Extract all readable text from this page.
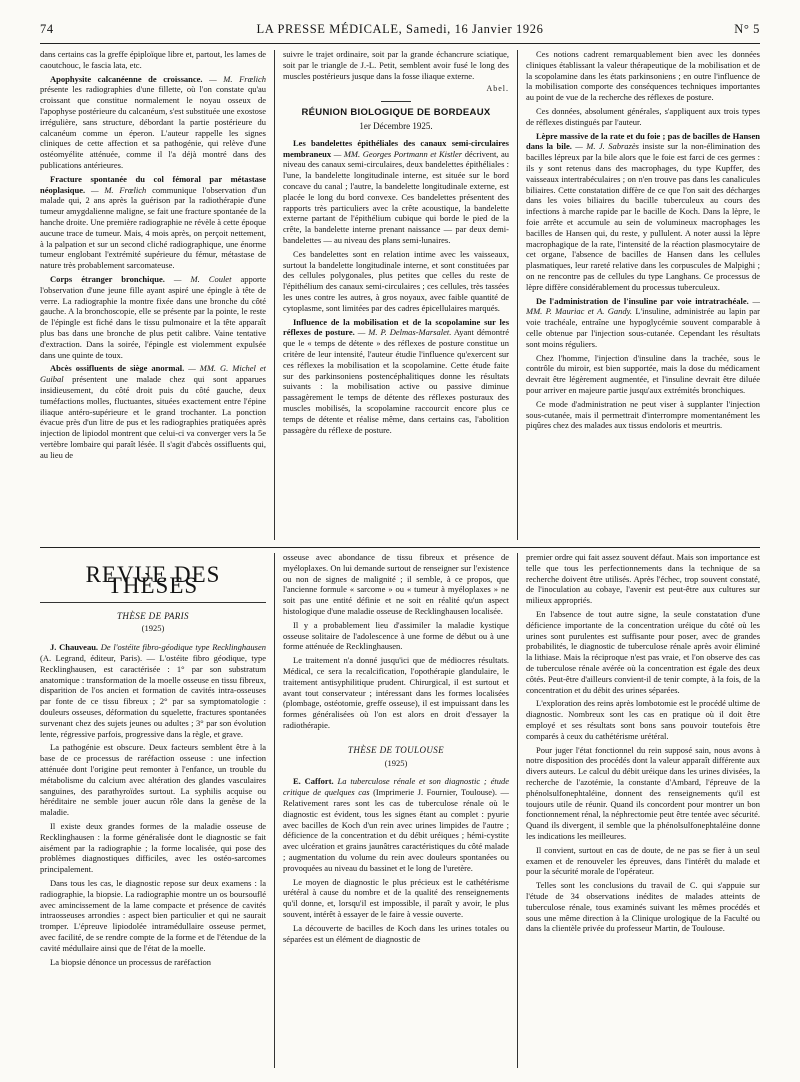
74	LA PRESSE MÉDICALE, Samedi, 16 Janvier 1926	N° 5

dans certains cas la greffe épiploïque libre et, partout, les lames de caoutchouc, le fascia lata, etc.

Apophysite calcanéenne de croissance. — M. Frœlich présente les radiographies d'une fillette, où l'on constate qu'au croissant que constitue normalement le noyau osseux de l'apophyse postérieure du calcanéum, s'est substituée une exostose irrégulière, sans structure, débordant la partie postérieure du calcanéum comme un éperon. L'auteur rappelle les signes cliniques de cette affection et sa pathogénie, qui relève d'une ostéomyélite atténuée, comme il l'a déjà montré dans des publications antérieures.

Fracture spontanée du col fémoral par métastase néoplasique. — M. Frœlich communique l'observation d'un malade qui, 2 ans après la guérison par la radiothérapie d'une tumeur amygdalienne maligne, se fait une fracture spontanée de la hanche droite. Une première radiographie ne révèle à cette époque aucune trace de tumeur. Mais, 4 mois après, on perçoit nettement, à la palpation et sur un second cliché radiographique, une énorme tumeur englobant l'extrémité supérieure du fémur, métastase de nature très probablement sarcomateuse.

Corps étranger bronchique. — M. Coulet apporte l'observation d'une jeune fille ayant aspiré une épingle à tête de verre. La radiographie la montre fixée dans une bronche du côté gauche. A la bronchoscopie, elle se présente par la pointe, le reste de l'épingle est fiché dans le tissu pulmonaire et la tête apparaît plus bas dans une bronche de plus petit calibre. Vaine tentative d'extraction. Dans la soirée, l'épingle est violemment expulsée dans une quinte de toux.

Abcès ossifluents de siège anormal. — MM. G. Michel et Guibal présentent une malade chez qui sont apparues insidieusement, du côté droit puis du côté gauche, deux tuméfactions molles, fluctuantes, situées exactement entre l'épine iliaque antéro-supérieure et le grand trochanter. La ponction évacue près d'un litre de pus et les radiographies pratiquées après injection de lipiodol montrent que celui-ci va converger vers la 5e vertèbre lombaire qui paraît lésée. Il s'agit d'abcès ossifluents qui, au lieu de

suivre le trajet ordinaire, soit par la grande échancrure sciatique, soit par le triangle de J.-L. Petit, semblent avoir fusé le long des muscles postérieurs jusque dans la fosse iliaque externe.

Abel.
RÉUNION BIOLOGIQUE DE BORDEAUX
1er Décembre 1925.

Les bandelettes épithéliales des canaux semi-circulaires membraneux — MM. Georges Portmann et Kistler décrivent, au niveau des canaux semi-circulaires, deux bandelettes épithéliales : l'une, la bandelette longitudinale interne, est située sur le bord concave du canal ; l'autre, la bandelette longitudinale externe, est placée le long du bord convexe. Ces bandelettes présentent des rapports très particuliers avec la crête acoustique, la bandelette externe partant de l'épithélium cubique qui borde le pied de la crête, la bandelette interne prenant naissance — par deux demi-bandelettes — au niveau des plans semi-lunaires.

Ces bandelettes sont en relation intime avec les vaisseaux, surtout la bandelette longitudinale interne, et sont constituées par des cellules polygonales, plus petites que celles du reste de l'épithélium des canaux semi-circulaires ; ces cellules, très tassées les unes contre les autres, à gros noyaux, avec faible quantité de cytoplasme, sont limitées par des cadres épicellulaires marqués.

Influence de la mobilisation et de la scopolamine sur les réflexes de posture. — M. P. Delmas-Marsalet. Ayant démontré que le « temps de détente » des réflexes de posture constitue un critère de leur intensité, l'auteur étudie l'influence qu'exercent sur ces réflexes la mobilisation et la scopolamine. Cette étude faite sur des parkinsoniens postencéphalitiques donne les résultats suivants : la mobilisation active ou passive diminue passagèrement le temps de détente des réflexes posturaux des muscles mobilisés, la scopolamine raccourcit encore plus ce temps de détente et réalise même, dans certains cas, l'abolition passagère du réflexe de posture.

Ces notions cadrent remarquablement bien avec les données cliniques établissant la valeur thérapeutique de la mobilisation et de la scopolamine dans les états parkinsoniens ; en outre l'influence de la mobilisation comporte des conséquences techniques importantes au point de vue de la recherche des réflexes de posture.

Ces données, absolument générales, s'appliquent aux trois types de réflexes distingués par l'auteur.

Lèpre massive de la rate et du foie ; pas de bacilles de Hansen dans la bile. — M. J. Sabrazès insiste sur la non-élimination des bacilles lépreux par la bile alors que le foie est farci de ces germes : ils y sont retenus dans des macrophages, du type Kupffer, des vaisseaux intertrabéculaires ; on n'en trouve pas dans les canalicules biliaires. Cette constatation diffère de ce que l'on sait des décharges dans les voies biliaires du bacille tuberculeux au cours des infections à marche rapide par le bacille de Koch. Dans la lèpre, le foie arrête et accumule au sein de volumineux macrophages les bacilles de Hansen qui, du reste, y pullulent. A noter aussi la lèpre macrophagique de la rate, l'intensité de la réaction plasmocytaire de cet organe, l'absence de bacilles de Hansen dans les cellules plasmatiques, leur rareté relative dans les corpuscules de Malpighi ; on ne rencontre pas de cellules du type Langhans. Ce processus de lèpre diffère considérablement du processus tuberculeux.

De l'administration de l'insuline par voie intratrachéale. — MM. P. Mauriac et A. Gandy. L'insuline, administrée au lapin par voie trachéale, entraîne une hypoglycémie souvent comparable à celle obtenue par l'injection sous-cutanée. Cependant les résultats sont moins réguliers.

Chez l'homme, l'injection d'insuline dans la trachée, sous le contrôle du miroir, est bien supportée, mais la dose du médicament devrait être légèrement augmentée, et l'insuline devrait être diluée pour arriver en majeure partie jusqu'aux extrémités bronchiques.

Ce mode d'administration ne peut viser à supplanter l'injection sous-cutanée, mais il permettrait d'interrompre momentanément les piqûres chez des malades aux tissus endoloris et meurtris.

REVUE DES THÈSES
THÈSE DE PARIS
(1925)

J. Chauveau. De l'ostéite fibro-géodique type Recklinghausen (A. Legrand, éditeur, Paris). — L'ostéite fibro géodique, type Recklinghausen, est caractérisée : 1° par son substratum anatomique : transformation de la moelle osseuse en tissu fibreux, disparition de l'os ancien et formation de cavités intra-osseuses par fonte de ce tissu fibreux ; 2° par sa symptomatologie : douleurs osseuses, déformation du squelette, fractures spontanées survenant chez des sujets jeunes ou adultes ; 3° par son évolution lente, régressive parfois, progressive dans la règle, et grave.

La pathogénie est obscure. Deux facteurs semblent être à la base de ce processus de raréfaction osseuse : une infection atténuée dont l'origine peut remonter à l'enfance, un trouble du métabolisme du calcium avec altération des glandes vasculaires sanguines, des parathyroïdes surtout. La syphilis acquise ou héréditaire ne semble jouer aucun rôle dans la genèse de la maladie.

Il existe deux grandes formes de la maladie osseuse de Recklinghausen : la forme généralisée dont le diagnostic se fait aisément par la radiographie ; la forme localisée, qui pose des problèmes diagnostiques difficiles, avec les ostéo-sarcomes principalement.

Dans tous les cas, le diagnostic repose sur deux examens : la radiographie, la biopsie. La radiographie montre un os boursouflé avec amincissement de la lame compacte et présence de cavités intraosseuses arrondies : aspect bien particulier et qui ne saurait tromper. L'épreuve lipiodolée intramédullaire osseuse permet, avec facilité, de se rendre compte de la forme et de l'étendue de la cavité médullaire ainsi que de l'état de la moelle.

La biopsie dénonce un processus de raréfaction

osseuse avec abondance de tissu fibreux et présence de myéloplaxes. On lui demande surtout de renseigner sur l'existence ou non de signes de malignité ; il semble, à ce propos, que l'ancienne formule « sarcome » ou « tumeur à myéloplaxes » ne soit pas une entité définie et ne soit en réalité qu'un aspect histologique d'une maladie osseuse de Recklinghausen localisée.

Il y a probablement lieu d'assimiler la maladie kystique osseuse solitaire de l'adolescence à une forme de début ou à une forme atténuée de Recklinghausen.

Le traitement n'a donné jusqu'ici que de médiocres résultats. Médical, ce sera la recalcification, l'opothérapie glandulaire, le traitement antisyphilitique prudent. Chirurgical, il est surtout et avant tout conservateur ; intéressant dans les formes localisées (plombage, ostéotomie, greffe osseuse), il est impuissant dans les formes généralisées où l'on est alors en droit d'essayer la radiothérapie.

THÈSE DE TOULOUSE
(1925)

E. Caffort. La tuberculose rénale et son diagnostic ; étude critique de quelques cas (Imprimerie J. Fournier, Toulouse). — Relativement rares sont les cas de tuberculose rénale où le diagnostic est évident, tous les signes étant au complet : pyurie avec bacilles de Koch d'un rein avec urines limpides de l'autre ; déficience de la concentration et du débit uréiques ; hémi-cystite avec ulcération et grains jaunâtres caractéristiques du côté malade ; augmentation du volume du rein avec douleurs spontanées ou provoquées au niveau du bassinet et le long de l'uretère.

Le moyen de diagnostic le plus précieux est le cathétérisme urétéral à cause du nombre et de la qualité des renseignements qu'il donne, et, lorsqu'il est impossible, il paraît y avoir, le plus souvent, intérêt à essayer de le faire à vessie ouverte.

La découverte de bacilles de Koch dans les urines totales ou séparées est un élément de diagnostic de

premier ordre qui fait assez souvent défaut. Mais son importance est telle que tous les perfectionnements dans la technique de sa recherche doivent être utilisés. Après l'échec, trop souvent constaté, de l'inoculation au cobaye, l'avenir est peut-être aux cultures sur milieux appropriés.

En l'absence de tout autre signe, la seule constatation d'une déficience importante de la concentration uréique du côté où les urines sont purulentes est suffisante pour poser, avec de grandes probabilités, le diagnostic de tuberculose rénale après avoir éliminé la lithiase. Mais la réciproque n'est pas vraie, et l'on observe des cas de tuberculose rénale avérée où la concentration est égale des deux côtés. Peut-être d'ailleurs convient-il de tenir compte, à la fois, de la concentration et du débit des urines séparées.

L'exploration des reins après lombotomie est le procédé ultime de diagnostic. Nombreux sont les cas en pratique où il doit être employé et ses résultats sont bons sans pouvoir toutefois être comparés à ceux du cathétérisme urétéral.

Pour juger l'état fonctionnel du rein supposé sain, nous avons à notre disposition des procédés dont la valeur apparaît différente aux divers auteurs. Le calcul du débit uréique dans les urines divisées, la recherche de l'azotémie, la constante d'Ambard, l'épreuve de la phénolsulfonephtaléine, donnent des renseignements qu'il est toujours utile de réunir. Quand ils concordent pour montrer un bon fonctionnement rénal, la néphrectomie peut être tentée avec sécurité. Quand ils divergent, il semble que la phénolsulfonephtaléine donne les indications les meilleures.

Il convient, surtout en cas de doute, de ne pas se fier à un seul examen et de renouveler les épreuves, dans l'intérêt du malade et pour la sécurité morale de l'opérateur.

Telles sont les conclusions du travail de C. qui s'appuie sur l'étude de 34 observations inédites de malades atteints de tuberculose rénale, tous examinés suivant les mêmes procédés et sous une même direction à la Clinique urologique de la Faculté ou dans la clientèle privée du professeur Martin, de Toulouse.
